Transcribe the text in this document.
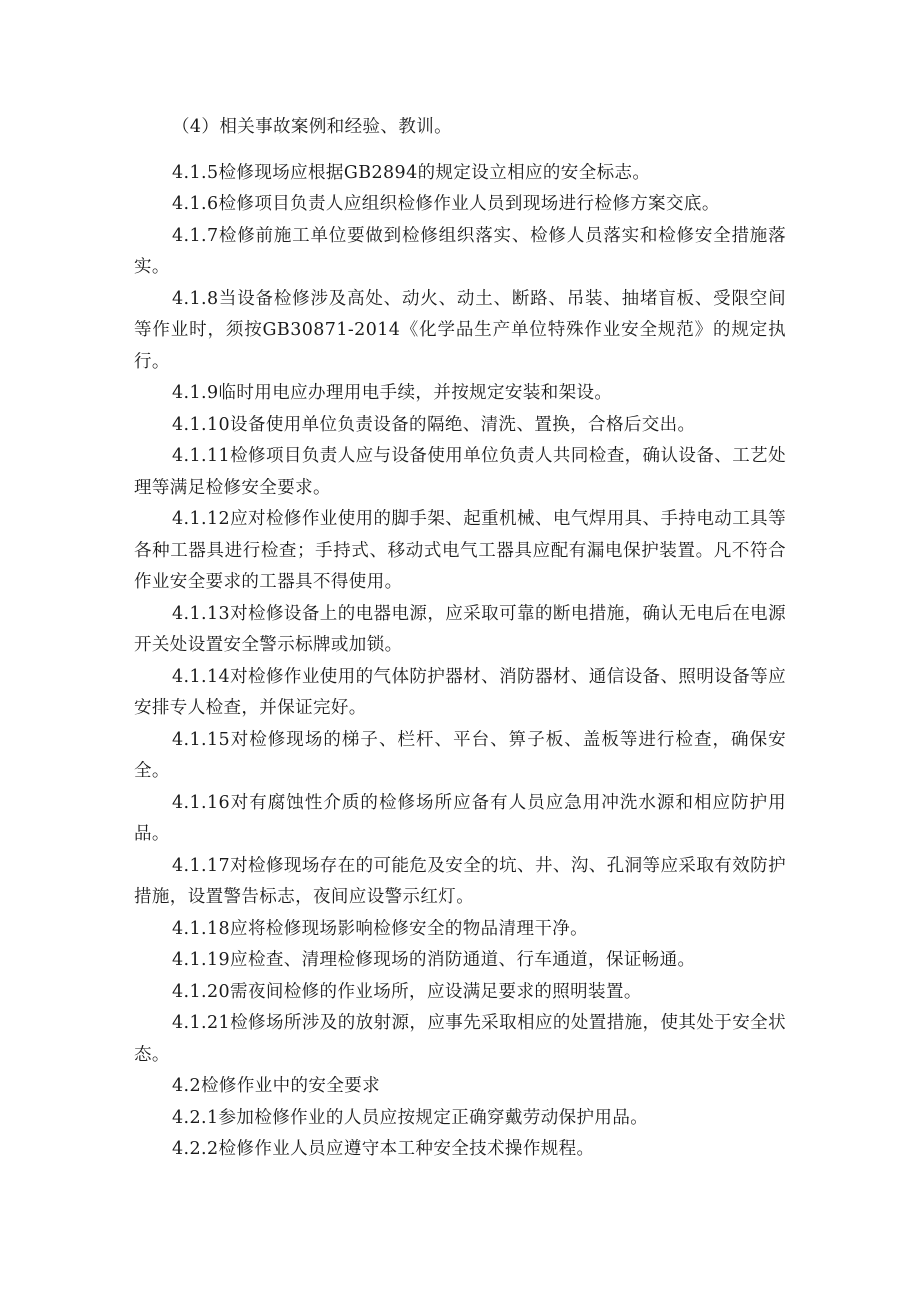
（4）相关事故案例和经验、教训。

4.1.5检修现场应根据GB2894的规定设立相应的安全标志。

4.1.6检修项目负责人应组织检修作业人员到现场进行检修方案交底。

4.1.7检修前施工单位要做到检修组织落实、检修人员落实和检修安全措施落实。

4.1.8当设备检修涉及高处、动火、动土、断路、吊装、抽堵盲板、受限空间等作业时，须按GB30871-2014《化学品生产单位特殊作业安全规范》的规定执行。

4.1.9临时用电应办理用电手续，并按规定安装和架设。

4.1.10设备使用单位负责设备的隔绝、清洗、置换，合格后交出。

4.1.11检修项目负责人应与设备使用单位负责人共同检查，确认设备、工艺处理等满足检修安全要求。

4.1.12应对检修作业使用的脚手架、起重机械、电气焊用具、手持电动工具等各种工器具进行检查；手持式、移动式电气工器具应配有漏电保护装置。凡不符合作业安全要求的工器具不得使用。

4.1.13对检修设备上的电器电源，应采取可靠的断电措施，确认无电后在电源开关处设置安全警示标牌或加锁。

4.1.14对检修作业使用的气体防护器材、消防器材、通信设备、照明设备等应安排专人检查，并保证完好。

4.1.15对检修现场的梯子、栏杆、平台、箅子板、盖板等进行检查，确保安全。

4.1.16对有腐蚀性介质的检修场所应备有人员应急用冲洗水源和相应防护用品。

4.1.17对检修现场存在的可能危及安全的坑、井、沟、孔洞等应采取有效防护措施，设置警告标志，夜间应设警示红灯。

4.1.18应将检修现场影响检修安全的物品清理干净。

4.1.19应检查、清理检修现场的消防通道、行车通道，保证畅通。

4.1.20需夜间检修的作业场所，应设满足要求的照明装置。

4.1.21检修场所涉及的放射源，应事先采取相应的处置措施，使其处于安全状态。

4.2检修作业中的安全要求

4.2.1参加检修作业的人员应按规定正确穿戴劳动保护用品。

4.2.2检修作业人员应遵守本工种安全技术操作规程。
